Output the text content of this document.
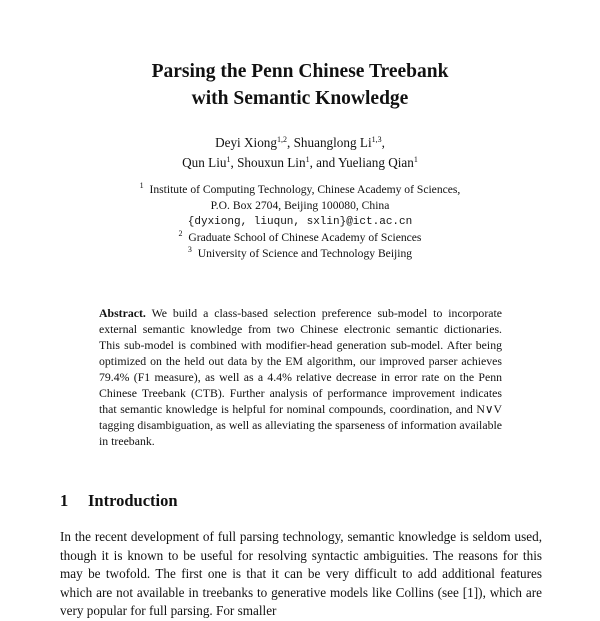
Parsing the Penn Chinese Treebank
with Semantic Knowledge
Deyi Xiong$^{1,2}$, Shuanglong Li$^{1,3}$,
Qun Liu$^1$, Shouxun Lin$^1$, and Yueliang Qian$^1$
$^1$ Institute of Computing Technology, Chinese Academy of Sciences,
P.O. Box 2704, Beijing 100080, China
{dyxiong, liuqun, sxlin}@ict.ac.cn
$^2$ Graduate School of Chinese Academy of Sciences
$^3$ University of Science and Technology Beijing
Abstract. We build a class-based selection preference sub-model to incorporate external semantic knowledge from two Chinese electronic semantic dictionaries. This sub-model is combined with modifier-head generation sub-model. After being optimized on the held out data by the EM algorithm, our improved parser achieves 79.4% (F1 measure), as well as a 4.4% relative decrease in error rate on the Penn Chinese Treebank (CTB). Further analysis of performance improvement indicates that semantic knowledge is helpful for nominal compounds, coordination, and N∨V tagging disambiguation, as well as alleviating the sparseness of information available in treebank.
1 Introduction
In the recent development of full parsing technology, semantic knowledge is seldom used, though it is known to be useful for resolving syntactic ambiguities. The reasons for this may be twofold. The first one is that it can be very difficult to add additional features which are not available in treebanks to generative models like Collins (see [1]), which are very popular for full parsing. For smaller
